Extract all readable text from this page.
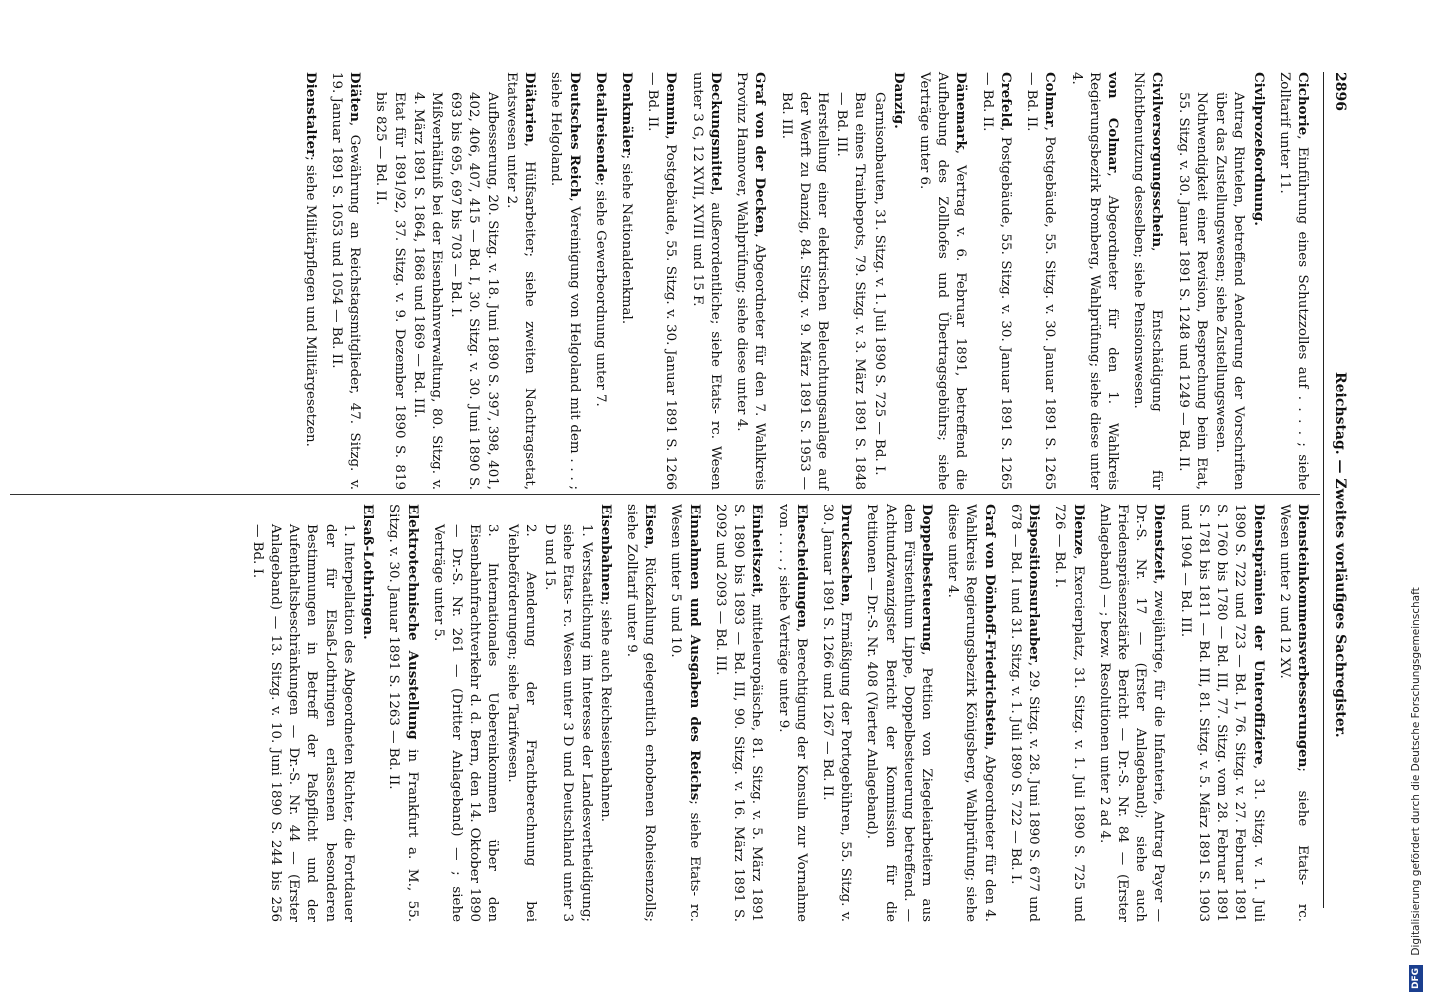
2896
Reichstag. — Zweites vorläufiges Sachregister.
Cichorie, Einführung eines Schutzzolles auf . . . . ; siehe Zolltarif unter 11.
Civilprozeßordnung.
Antrag Rintelen, betreffend Aenderung der Vorschriften über das Zustellungswesen; siehe Zustellungswesen.
Nothwendigkeit einer Revision, Besprechung beim Etat, 55. Sitzg. v. 30. Januar 1891 S. 1248 und 1249 — Bd. II.
Civilversorgungsschein, Entschädigung für Nichtbenutzung desselben; siehe Pensionswesen.
von Colmar, Abgeordneter für den 1. Wahlkreis Regierungsbezirk Bromberg, Wahlprüfung; siehe diese unter 4.
Colmar, Postgebäude, 55. Sitzg. v. 30. Januar 1891 S. 1265 — Bd. II.
Crefeld, Postgebäude, 55. Sitzg. v. 30. Januar 1891 S. 1265 — Bd. II.
Dänemark, Vertrag v. 6. Februar 1891, betreffend die Aufhebung des Zollhofes und Übertragsgebührs; siehe Verträge unter 6.
Danzig.
Garnisonbauten, 31. Sitzg. v. 1. Juli 1890 S. 725 — Bd. I.
Bau eines Trainbepots, 79. Sitzg. v. 3. März 1891 S. 1848 — Bd. III.
Herstellung einer elektrischen Beleuchtungsanlage auf der Werft zu Danzig, 84. Sitzg. v. 9. März 1891 S. 1953 — Bd. III.
Graf von der Decken, Abgeordneter für den 7. Wahlkreis Provinz Hannover, Wahlprüfung; siehe diese unter 4.
Deckungsmittel, außerordentliche; siehe Etats- rc. Wesen unter 3 G, 12 XVII, XVIII und 15 F.
Demmin, Postgebäude, 55. Sitzg. v. 30. Januar 1891 S. 1266 — Bd. II.
Denkmäler; siehe Nationaldenkmal.
Detailreisende; siehe Gewerbeordnung unter 7.
Deutsches Reich, Vereinigung von Helgoland mit dem . . . ; siehe Helgoland.
Diätarien, Hülfsarbeiter; siehe zweiten Nachtragsetat, Etatswesen unter 2.
Aufbesserung, 20. Sitzg. v. 18. Juni 1890 S. 397, 398, 401, 402, 406, 407, 415 — Bd. I, 30. Sitzg. v. 30. Juni 1890 S. 693 bis 695, 697 bis 703 — Bd. I.
Mißverhältniß bei der Eisenbahnverwaltung, 80. Sitzg. v. 4. März 1891 S. 1864, 1868 und 1869 — Bd. III.
Etat für 1891/92, 37. Sitzg. v. 9. Dezember 1890 S. 819 bis 825 — Bd. II.
Diäten, Gewährung an Reichstagsmitglieder, 47. Sitzg. v. 19. Januar 1891 S. 1053 und 1054 — Bd. II.
Dienstalter; siehe Militärpflegen und Militärgesetzen.
Diensteinkommensverbesserungen; siehe Etats- rc. Wesen unter 2 und 12 XV.
Dienstprämien der Unteroffiziere, 31. Sitzg. v. 1. Juli 1890 S. 722 und 723 — Bd. I, 76. Sitzg. v. 27. Februar 1891 S. 1760 bis 1780 — Bd. III, 77. Sitzg. vom 28. Februar 1891 S. 1781 bis 1811 — Bd. III, 81. Sitzg. v. 5. März 1891 S. 1903 und 1904 — Bd. III.
Dienstzeit, zweijährige, für die Infanterie, Antrag Payer — Dr.-S. Nr. 17 — (Erster Anlageband); siehe auch Friedenspräsenzstärke Bericht — Dr.-S. Nr. 84 — (Erster Anlageband) — ; bezw. Resolutionen unter 2 ad 4.
Dienze, Exercierplatz, 31. Sitzg. v. 1. Juli 1890 S. 725 und 726 — Bd. I.
Dispositionsurlauber, 29. Sitzg. v. 28. Juni 1890 S. 677 und 678 — Bd. I und 31. Sitzg. v. 1. Juli 1890 S. 722 — Bd. I.
Graf von Dönhoff-Friedrichstein, Abgeordneter für den 4. Wahlkreis Regierungsbezirk Königsberg, Wahlprüfung; siehe diese unter 4.
Doppelbesteuerung, Petition von Ziegeleiarbeitern aus dem Fürstenthum Lippe, Doppelbesteuerung betreffend. — Achtundzwanzigster Bericht der Kommission für die Petitionen — Dr.-S. Nr. 408 (Vierter Anlageband).
Drucksachen, Ermäßigung der Portogebühren, 55. Sitzg. v. 30. Januar 1891 S. 1266 und 1267 — Bd. II.
Ehescheidungen, Berechtigung der Konsuln zur Vornahme von . . . . ; siehe Verträge unter 9.
Einheitszeit, mitteleuropäische, 81. Sitzg. v. 5. März 1891 S. 1890 bis 1893 — Bd. III, 90. Sitzg. v. 16. März 1891 S. 2092 und 2093 — Bd. III.
Einnahmen und Ausgaben des Reichs; siehe Etats- rc. Wesen unter 5 und 10.
Eisen, Rückzahlung gelegentlich erhobenen Roheisenzolls; siehe Zolltarif unter 9.
Eisenbahnen; siehe auch Reichseisenbahnen.
1. Verstaatlichung im Interesse der Landesvertheidigung; siehe Etats- rc. Wesen unter 3 D und Deutschland unter 3 D und 15.
2. Aenderung der Frachtberechnung bei Viehbeförderungen; siehe Tarifwesen.
3. Internationales Uebereinkommen über den Eisenbahnfrachtverkehr d. d. Bern, den 14. Oktober 1890 — Dr.-S. Nr. 261 — (Dritter Anlageband) — ; siehe Verträge unter 5.
Elektrotechnische Ausstellung in Frankfurt a. M., 55. Sitzg. v. 30. Januar 1891 S. 1263 — Bd. II.
Elsaß-Lothringen.
1. Interpellation des Abgeordneten Richter, die Fortdauer der für Elsaß-Lothringen erlassenen besonderen Bestimmungen in Betreff der Paßpflicht und der Aufenthaltsbeschränkungen — Dr.-S. Nr. 44 — (Erster Anlageband) — 13. Sitzg. v. 10. Juni 1890 S. 244 bis 256 — Bd. I.
DFG Digitalisierung gefördert durch die Deutsche Forschungsgemeinschaft
